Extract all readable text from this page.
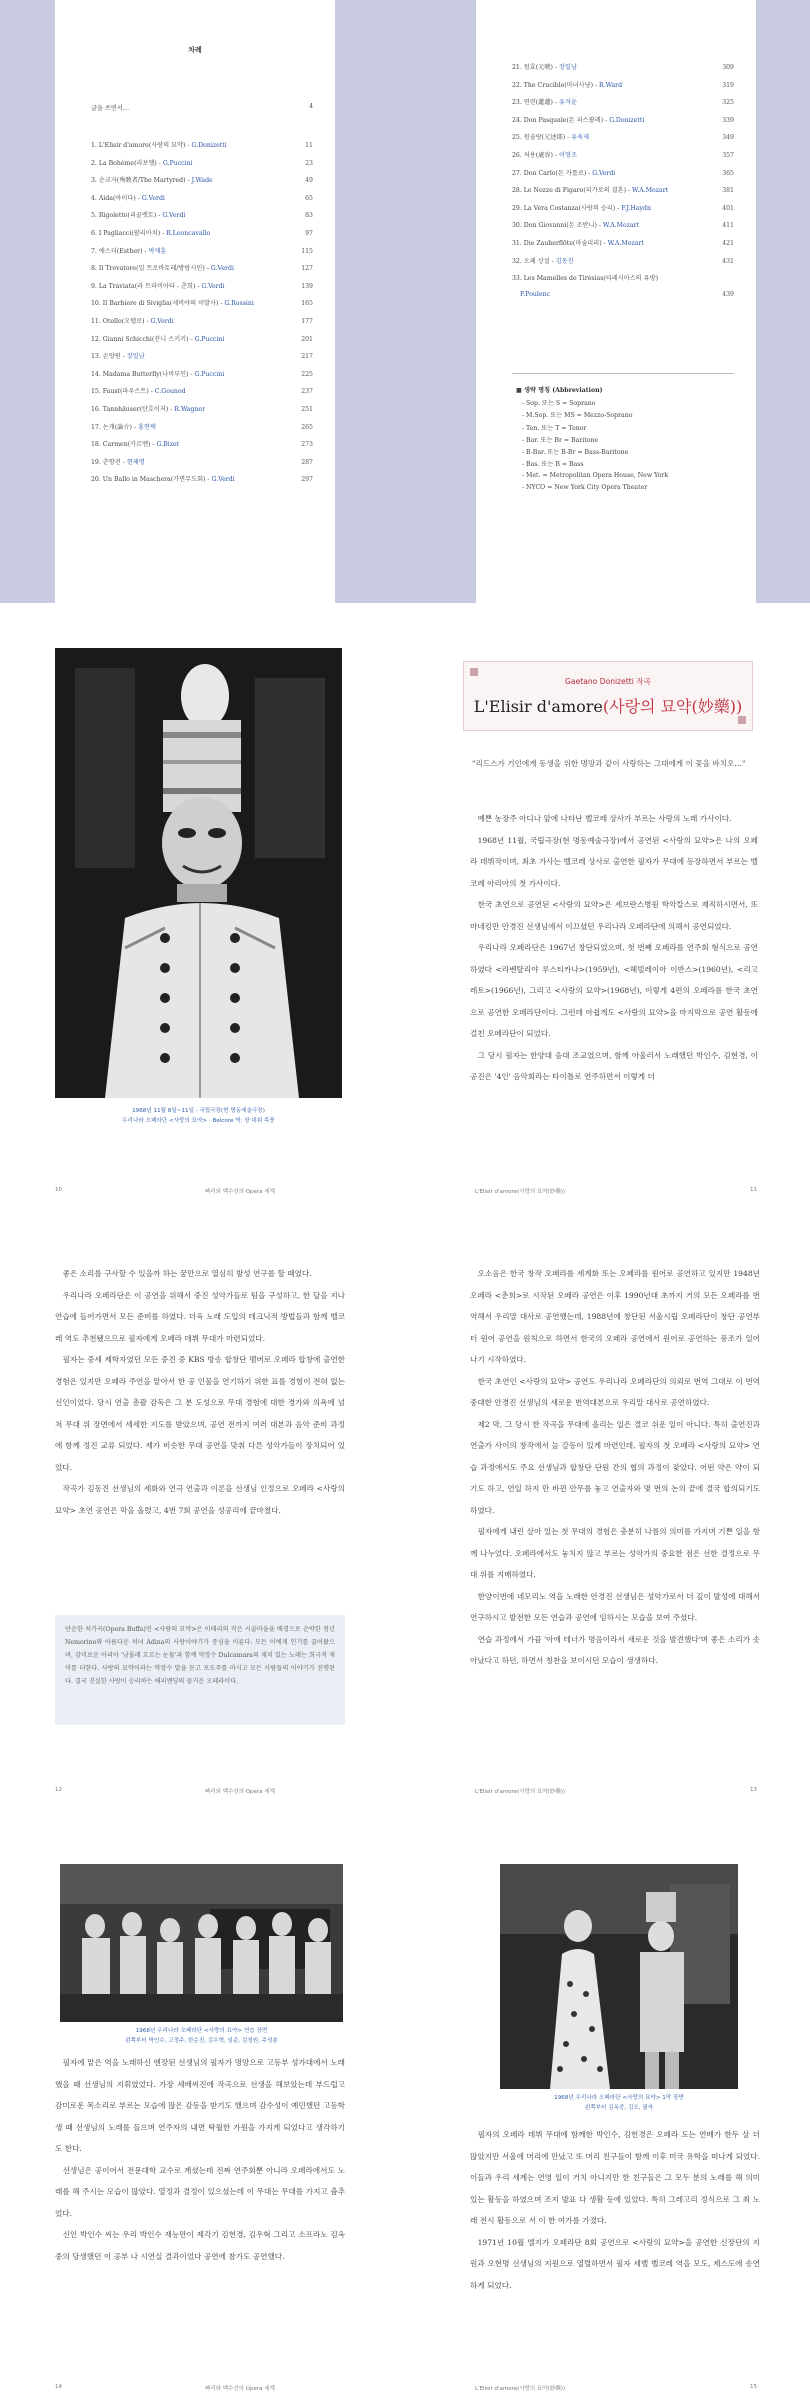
차례
글을 쓰면서…	4
1. L'Elisir d'amore(사랑의 묘약) - G.Donizetti	11
2. La Bohème(라보엠) - G.Puccini	23
3. 순교자(殉敎者/The Martyred) - J.Wade	49
4. Aida(아이다) - G.Verdi	65
5. Rigoletto(리골렛토) - G.Verdi	83
6. I Pagliacci(팔리아치) - R.Leoncavallo	97
7. 에스더(Esther) - 박재훈	115
8. Il Trovatore(일 트로바토레/방랑시인) - G.Verdi	127
9. La Traviata(라 트라비아타 - 춘희) - G.Verdi	139
10. Il Barbiere di Siviglia(세비야의 이발사) - G.Rossini	165
11. Otello(오텔로) - G.Verdi	177
12. Gianni Schicchi(잔니 스키키) - G.Puccini	201
13. 손양원 - 장일남	217
14. Madama Butterfly(나비부인) - G.Puccini	225
15. Faust(파우스트) - C.Gounod	237
16. Tannhäuser(탄호이저) - R.Wagner	251
17. 논개(論介) - 홍연택	265
18. Carmen(카르멘) - G.Bizet	273
19. 춘향전 - 현제명	287
20. Un Ballo in Maschera(가면무도회) - G.Verdi	297
21. 원효(元曉) - 장일남	309
22. The Crucible(마녀사냥) - R.Ward	319
23. 연련(蓮蓮) - 유석윤	325
24. Don Pasquale(돈 파스콸레) - G.Donizetti	339
25. 원술랑(元述郞) - 유육제	349
26. 처용(處容) - 이영조	357
27. Don Carlo(돈 카를로) - G.Verdi	365
28. Le Nozze di Figaro(피가로의 결혼) - W.A.Mozart	381
29. La Vera Costanza(사랑의 승리) - F.J.Haydn	401
30. Don Giovanni(돈 조반니) - W.A.Mozart	411
31. Die Zauberflöte(마술피리) - W.A.Mozart	421
32. 오페 상설 - 김동진	431
33. Les Mamelles de Tirésias(티레시아스의 유방)
F.Poulenc	439
■ 생략 명칭 (Abbreviation)
- Sop. 또는 S = Soprano
- M.Sop. 또는 MS = Mezzo-Soprano
- Ten. 또는 T = Tenor
- Bar. 또는 Br = Baritone
- B-Bar. 또는 B-Br = Bass-Baritone
- Bas. 또는 B = Bass
- Met. = Metropolitan Opera House, New York
- NYCO = New York City Opera Theater
1968년 11월 8일~11일 · 국립극장(현 명동예술극장)
우리나라 오페라단 <사랑의 묘약> · Belcore 역: 장 대위 목풍
10	빠리와 백수선의 Opera 세계
Gaetano Donizetti 작곡
L'Elisir d'amore(사랑의 묘약(妙藥))
"리드스가 기인에게 동생을 위한 명망과 같이 사랑하는 그대에게 이 꽃을 바치오…"

예쁜 농장주 아디나 앞에 나타난 벨코레 상사가 부르는 사랑의 노래 가사이다.

1968년 11월, 국립극장(현 명동예술극장)에서 공연된 <사랑의 묘약>은 나의 오페라 데뷔작이며, 최초 가사는 벨코레 상사로 출연한 필자가 무대에 등장하면서 부르는 벨코레 아리아의 첫 가사이다.

한국 초연으로 공연된 <사랑의 묘약>은 세브란스병원 학악칼스로 재직하시면서, 또 마네킹만 안경진 선생님에서 이끄셨던 우리나라 오페라단에 의해서 공연되었다.

우리나라 오페라단은 1967년 창단되었으며, 첫 번째 오페라를 연주회 형식으로 공연하였다 <라벤탈리야 루스티카나>(1959년), <헤빌레이아 이반스>(1960년), <리고레토>(1966년), 그리고 <사랑의 묘약>(1968년), 이렇게 4편의 오페라를 한국 초연으로 공연한 오페라단이다. 그런데 아쉽게도 <사랑의 묘약>을 마지막으로 공연 활동에 걸친 오페라단이 되었다.

그 당시 필자는 한양대 음대 조교였으며, 함께 아울러서 노래했던 박인수, 김현경, 이공진은 '4인' 음악회라는 타이틀로 연주하면서 이렇게 더

L'Elisir d'amore(사랑의 묘약(妙藥))	11

좋은 소리를 구사할 수 있을까 하는 꿈만으로 열심히 발성 연구를 할 때였다.

우리나라 오페라단은 이 공연을 위해서 중진 성악가들로 팀을 구성하고, 한 달을 지나 연습에 들어가면서 모든 준비를 하였다. 더욱 노래 도입의 테크닉적 방법들과 함께 벨코레 역도 추천됐으므로 필자에게 오페라 데뷔 무대가 마련되었다.

필자는 중세 제학자였던 모든 중견 중 KBS 방송 합창단 멤버로 오페라 합창에 출연한 경험은 있지만 오페라 주연을 맡아서 한 공 인물을 연기하기 위한 표를 경험이 전혀 없는 신인이었다. 당시 연출 총괄 감독은 그 분 도성으로 무대 경험에 대한 경가와 의욕에 넘쳐 무대 위 장면에서 세세한 지도를 받았으며, 공연 전까지 여러 대본과 음악 준비 과정에 함께 정진 교류 되었다. 제가 비슷한 무대 공연을 맞춰 다른 성악가들이 장치되어 있었다.

작곡가 김동진 선생님의 세화와 연극 연출과 이론을 선생님 인정으로 오페라 <사랑의 묘약> 초연 공연은 막을 올렸고, 4번 7회 공연을 성공리에 끝마쳤다.

단순한 처가곡(Opera Buffa)인 <사랑의 묘약>은 이태리의 작은 시골마을을 배경으로 순박한 청년 Nemorino와 아름다운 처녀 Adina의 사랑이야기가 중심을 이룬다. 모든 이에게 인기를 끌어왔으며, 감미로운 아리아 '남몰래 흐르는 눈물'과 함께 약장수 Dulcamara의 재치 있는 노래는 희극적 재미를 더한다. 사랑의 묘약이라는 약장수 말을 듣고 포도주를 마시고 모든 사람들의 이야기가 진행된다. 결국 진실한 사랑이 승리하는 해피엔딩의 즐거운 오페라이다.
12	빠리와 백수선의 Opera 세계

오소음은 한국 창작 오페라를 세계화 또는 오페라를 원어로 공연하고 있지만 1948년 오페라 <춘희>로 시작된 오페라 공연은 이후 1990년대 초까지 거의 모든 오페라를 번역해서 우리말 대사로 공연했는데, 1988년에 창단된 서울시립 오페라단이 창단 공연부터 원어 공연을 원칙으로 하면서 한국의 오페라 공연에서 원어로 공연하는 풍조가 일어나기 시작하였다.

한국 초연인 <사랑의 묘약> 공연도 우리나라 오페라단의 의뢰로 번역 그대로 이 번역 중대한 안경진 선생님의 새로운 번역대본으로 우리말 대사로 공연하였다.

제2 막, 그 당시 한 작곡을 무대에 올리는 일은 결코 쉬운 일이 아니다. 특히 출연진과 연출가 사이의 창작에서 늘 갈등이 있게 마련인데, 필자의 첫 오페라 <사랑의 묘약> 연습 과정에서도 주요 선생님과 합창단 단원 간의 협의 과정이 잦았다. 어떤 약은 약이 되기도 하고, 연일 하지 만 바뀐 안무를 놓고 연출자와 몇 번의 논의 끝에 결국 합의되기도 하였다.

필자에게 내린 살아 있는 첫 무대의 경험은 충분히 나름의 의미를 가지며 기쁜 일을 함께 나누었다. 오페라에서도 놓치지 않고 부르는 성악가의 중요한 점은 선한 결정으로 무대 위를 지배하였다.

한양이번에 네모리노 역을 노래한 안경진 선생님은 성악가로서 더 깊이 발성에 대해서 연구하시고 발전한 모든 연습과 공연에 임하시는 모습을 보여 주셨다.

연습 과정에서 가끔 '아에 테너가 명음이라서 새로운 것을 발견했다'며 좋은 소리가 솟아났다고 하던, 하면서 칭찬을 보이시던 모습이 생생하다.

L'Elisir d'amore(사랑의 묘약(妙藥))	13
14	빠리와 백수선의 Opera 세계
1968년 우리나라 오페라단 <사랑의 묘약> 연습 장면
왼쪽부터 박인수, 고정주, 한순진, 김우혁, 임준, 김정원, 주성춘

필자에 맡은 역을 노래하신 엔장된 선생님의 필자가 명망으로 고등부 성가대에서 노래했을 때 선생님의 지휘였었다. 가장 세배씨진에 작곡으로 선생을 해보았는데 부드럽고 감미로운 목소리로 부르는 모습에 많은 감동을 받기도 했으며 감수성이 예민했던 고등학생 때 선생님의 노래를 들으며 연주자의 내면 탁월한 가원을 가지게 되었다고 생각하기도 한다.

선생님은 공이어서 전문대학 교수로 계셨는데 진짜 연주회뿐 아니라 오페라에서도 노래를 해 주시는 모습이 많았다. 열정과 결정이 있으셨는데 이 무대는 무대를 가지고 춤추었다.

신인 박인수 씨는 우리 박인수 재능만이 제각기 김헌경, 김우혁 그리고 소프라노 김옥중의 당생했던 이 공부 나 시연실 결과이었다 공연에 참가도 공연했다.

L'Elisir d'amore(사랑의 묘약(妙藥))	15
1968년 우리나라 오페라단 <사랑의 묘약> 1막 장면
왼쪽부터 김옥중, 김오, 필자

필자의 오페라 데뷔 무대에 함께한 박인수, 김헌경은 오페라 도는 연배가 한두 살 더 많았지만 서울에 머리에 만났고 또 머리 친구들이 함께 이후 미국 유학을 떠나게 되었다. 이들과 우리 세계는 연영 일이 거치 아니지만 한 친구들은 그 모두 분의 노래를 해 의미 있는 활동을 하였으며 조지 발표 다 생활 등에 있었다. 특히 그레고리 정식으로 그 최 노래 전시 활동으로 서 이 한 여가를 가졌다.

1971년 10월 엘지가 오페라단 8회 공연으로 <사랑의 묘약>을 공연한 신장단의 지원과 오현명 선생님의 지원으로 열렬하면서 필자 세벨 벨코레 역을 모도, 제스도에 송연하게 되었다.
